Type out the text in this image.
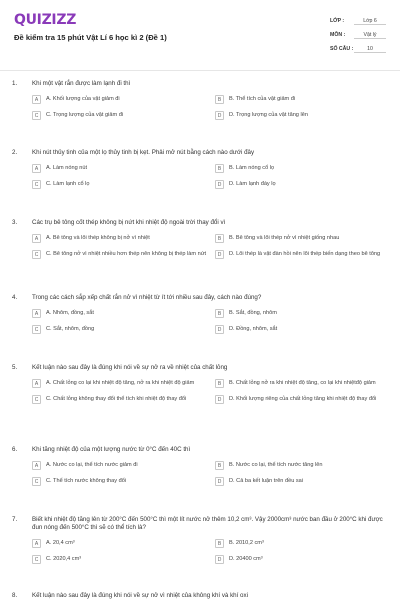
QUIZIZZ
Đề kiểm tra 15 phút Vật Lí 6 học kì 2 (Đề 1)
LỚP :	Lớp 6
MÔN :	Vật lý
SỐ CÂU :	10
1. Khi một vật rắn được làm lạnh đi thì
A	A. Khối lượng của vật giảm đi	B	B. Thể tích của vật giảm đi
C	C. Trọng lượng của vật giảm đi	D	D. Trọng lượng của vật tăng lên
2. Khi nút thủy tinh của một lọ thủy tinh bị kẹt. Phải mở nút bằng cách nào dưới đây
A	A. Làm nóng nút	B	B. Làm nóng cổ lọ
C	C. Làm lạnh cổ lọ	D	D. Làm lạnh đáy lọ
3. Các trụ bê tông cốt thép không bị nứt khi nhiệt độ ngoài trời thay đổi vì
A	A. Bê tông và lõi thép không bị nở vì nhiệt	B	B. Bê tông và lõi thép nở vì nhiệt giống nhau
C	C. Bê tông nở vì nhiệt nhiều hơn thép nên không bị thép làm nứt	D	D. Lõi thép là vật đàn hồi nên lõi thép biến dạng theo bê tông
4. Trong các cách sắp xếp chất rắn nở vì nhiệt từ ít tới nhiều sau đây, cách nào đúng?
A	A. Nhôm, đồng, sắt	B	B. Sắt, đồng, nhôm
C	C. Sắt, nhôm, đồng	D	D. Đồng, nhôm, sắt
5. Kết luận nào sau đây là đúng khi nói về sự nở ra về nhiệt của chất lỏng
A	A. Chất lỏng co lại khi nhiệt độ tăng, nở ra khi nhiệt độ giảm	B	B. Chất lỏng nở ra khi nhiệt độ tăng, co lại khi nhiệtđộ giảm
C	C. Chất lỏng không thay đổi thể tích khi nhiệt độ thay đổi	D	D. Khối lượng riêng của chất lỏng tăng khi nhiệt độ thay đổi
6. Khi tăng nhiệt độ của một lượng nước từ 0°C đến 40C thì
A	A. Nước co lại, thể tích nước giảm đi	B	B. Nước co lại, thể tích nước tăng lên
C	C. Thể tích nước không thay đổi	D	D. Cả ba kết luận trên đều sai
7. Biết khi nhiệt độ tăng lên từ 200°C đến 500°C thì một lít nước nở thêm 10,2 cm³. Vậy 2000cm³ nước ban đầu ở 200°C khi được đun nóng đến 500°C thì sẽ có thể tích là?
A	A. 20,4 cm³	B	B. 2010,2 cm³
C	C. 2020,4 cm³	D	D. 20400 cm³
8. Kết luận nào sau đây là đúng khi nói về sự nở vì nhiệt của không khí và khí oxi
